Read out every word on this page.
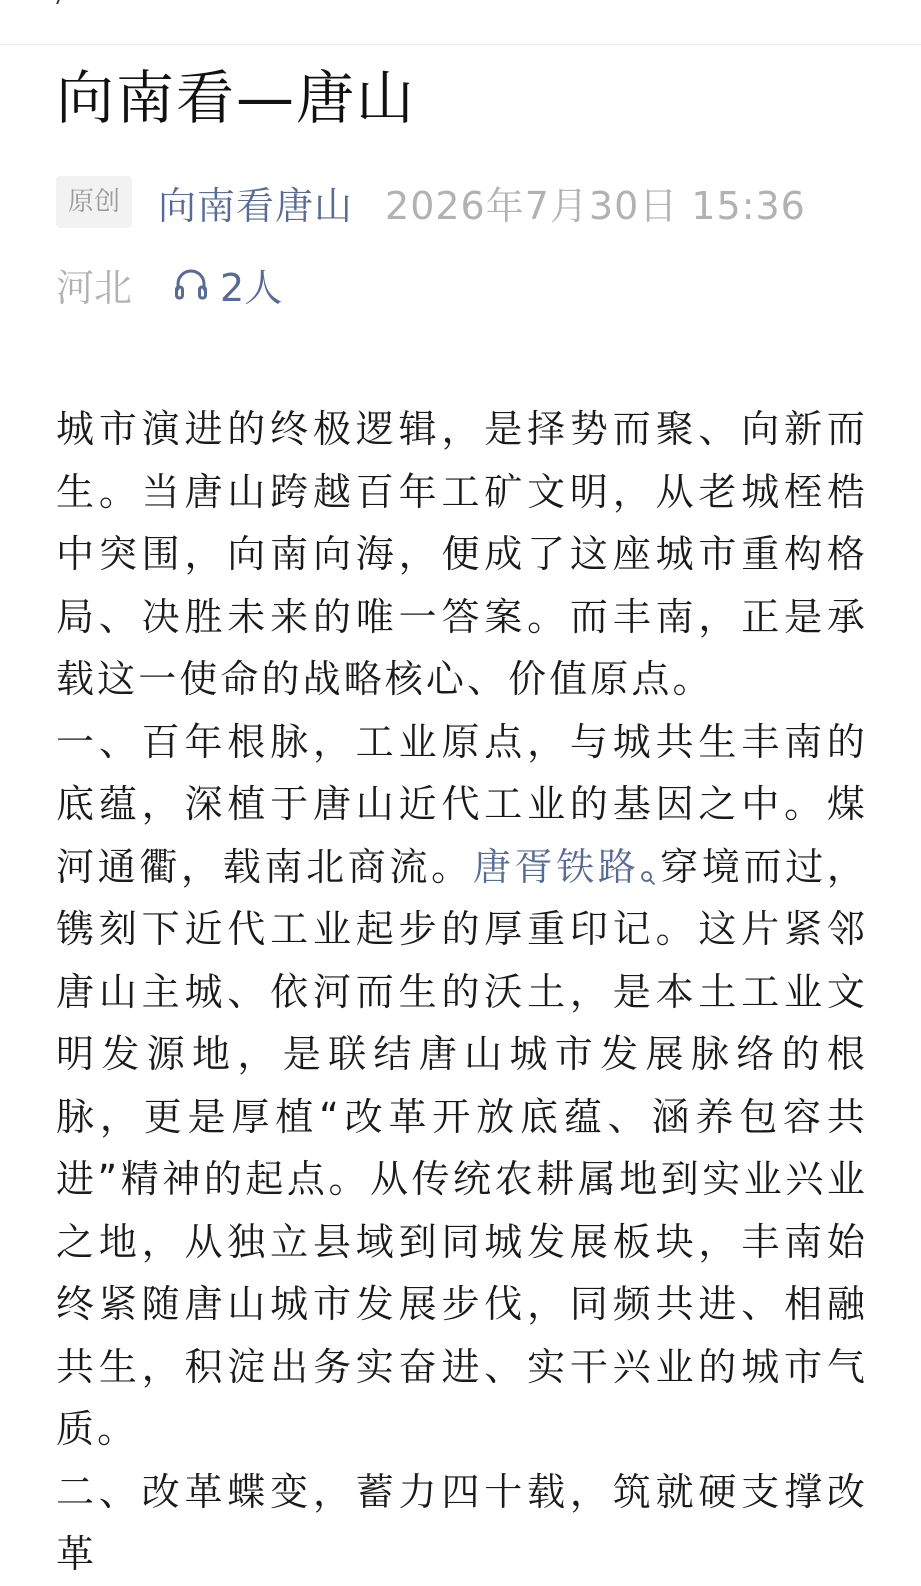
向南看—唐山
原创	向南看唐山 2026年7月30日 15:36
河北 2人

城市演进的终极逻辑，是择势而聚、向新而生。当唐山跨越百年工矿文明，从老城桎梏中突围，向南向海，便成了这座城市重构格局、决胜未来的唯一答案。而丰南，正是承载这一使命的战略核心、价值原点。

一、百年根脉，工业原点，与城共生丰南的底蕴，深植于唐山近代工业的基因之中。煤河通衢，载南北商流。唐胥铁路 穿境而过，镌刻下近代工业起步的厚重印记。这片紧邻唐山主城、依河而生的沃土，是本土工业文明发源地，是联结唐山城市发展脉络的根脉，更是厚植“改革开放底蕴、涵养包容共进”精神的起点。从传统农耕属地到实业兴业之地，从独立县域到同城发展板块，丰南始终紧随唐山城市发展步伐，同频共进、相融共生，积淀出务实奋进、实干兴业的城市气质。

二、改革蝶变，蓄力四十载，筑就硬支撑改革
